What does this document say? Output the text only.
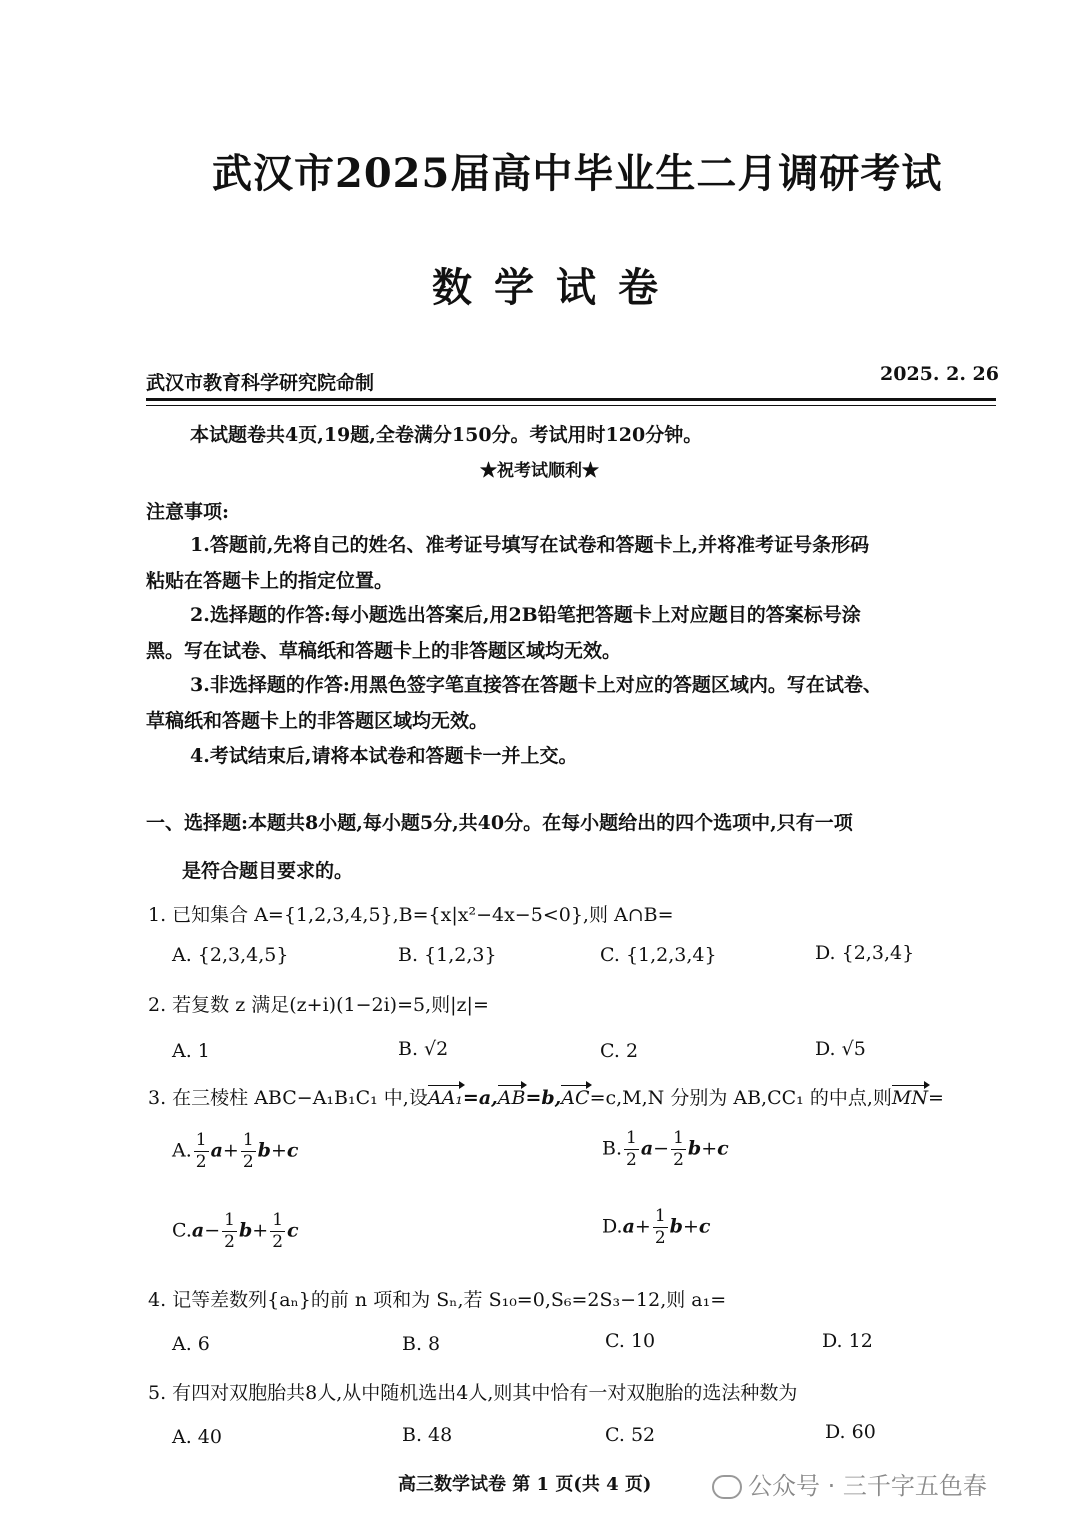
武汉市2025届高中毕业生二月调研考试
数学试卷
武汉市教育科学研究院命制	2025. 2. 26
本试题卷共4页,19题,全卷满分150分。考试用时120分钟。
★祝考试顺利★
注意事项:
1.答题前,先将自己的姓名、准考证号填写在试卷和答题卡上,并将准考证号条形码
粘贴在答题卡上的指定位置。
2.选择题的作答:每小题选出答案后,用2B铅笔把答题卡上对应题目的答案标号涂
黑。写在试卷、草稿纸和答题卡上的非答题区域均无效。
3.非选择题的作答:用黑色签字笔直接答在答题卡上对应的答题区域内。写在试卷、
草稿纸和答题卡上的非答题区域均无效。
4.考试结束后,请将本试卷和答题卡一并上交。
一、选择题:本题共8小题,每小题5分,共40分。在每小题给出的四个选项中,只有一项
是符合题目要求的。
1. 已知集合 A={1,2,3,4,5},B={x|x²−4x−5<0},则 A∩B=
A. {2,3,4,5}	B. {1,2,3}	C. {1,2,3,4}	D. {2,3,4}
2. 若复数 z 满足(z+i)(1−2i)=5,则|z|=
A. 1	B. √2	C. 2	D. √5
3. 在三棱柱 ABC−A₁B₁C₁ 中,设AA₁=a,AB=b,AC=c,M,N 分别为 AB,CC₁ 的中点,则MN=
A. $\frac{1}{2} a+ \frac{1}{2} b+c$	B. $\frac{1}{2} a- \frac{1}{2} b+c$
$C.a- \frac{1}{2} b+ \frac{1}{2}$ c	$D.a+ \frac{1}{2} b+c$
4. 记等差数列{aₙ}的前 n 项和为 Sₙ,若 S₁₀=0,S₆=2S₃−12,则 a₁=
A. 6	B. 8	C. 10	D. 12
5. 有四对双胞胎共8人,从中随机选出4人,则其中恰有一对双胞胎的选法种数为
A. 40	B. 48	C. 52	D. 60
高三数学试卷 第 1 页(共 4 页)	公众号 · 三千字五色春
